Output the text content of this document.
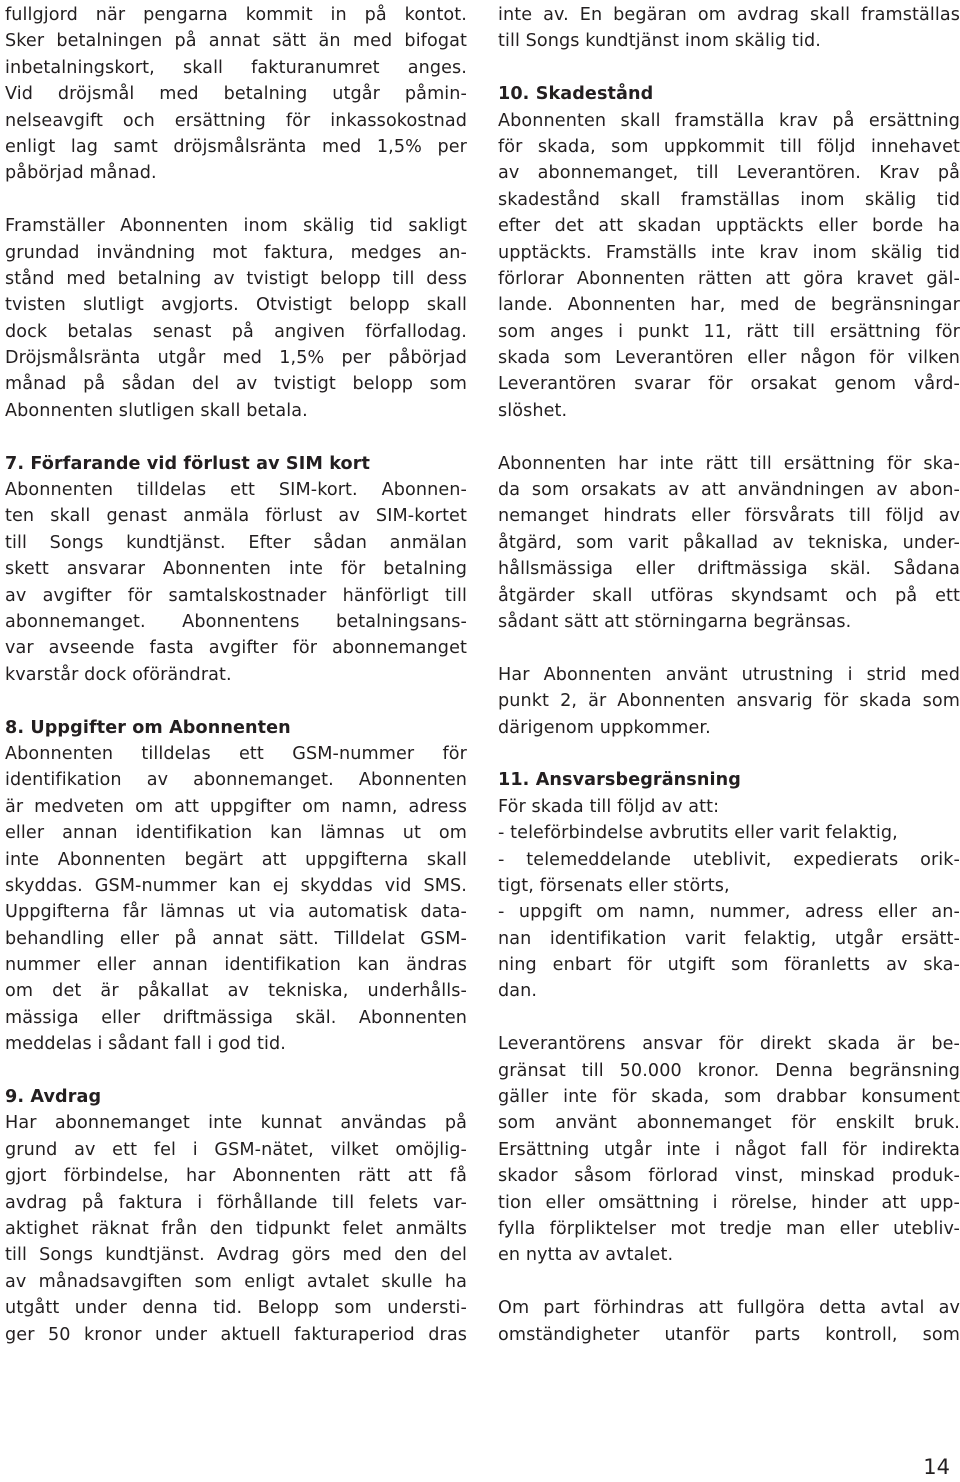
fullgjord när pengarna kommit in på kontot.
Sker betalningen på annat sätt än med bifogat
inbetalningskort, skall fakturanumret anges.
Vid dröjsmål med betalning utgår påmin-
nelseavgift och ersättning för inkassokostnad
enligt lag samt dröjsmålsränta med 1,5% per
påbörjad månad.
Framställer Abonnenten inom skälig tid sakligt
grundad invändning mot faktura, medges an-
stånd med betalning av tvistigt belopp till dess
tvisten slutligt avgjorts. Otvistigt belopp skall
dock betalas senast på angiven förfallodag.
Dröjsmålsränta utgår med 1,5% per påbörjad
månad på sådan del av tvistigt belopp som
Abonnenten slutligen skall betala.
7. Förfarande vid förlust av SIM kort
Abonnenten tilldelas ett SIM-kort. Abonnen-
ten skall genast anmäla förlust av SIM-kortet
till Songs kundtjänst. Efter sådan anmälan
skett ansvarar Abonnenten inte för betalning
av avgifter för samtalskostnader hänförligt till
abonnemanget. Abonnentens betalningsans-
var avseende fasta avgifter för abonnemanget
kvarstår dock oförändrat.
8. Uppgifter om Abonnenten
Abonnenten tilldelas ett GSM-nummer för
identifikation av abonnemanget. Abonnenten
är medveten om att uppgifter om namn, adress
eller annan identifikation kan lämnas ut om
inte Abonnenten begärt att uppgifterna skall
skyddas. GSM-nummer kan ej skyddas vid SMS.
Uppgifterna får lämnas ut via automatisk data-
behandling eller på annat sätt. Tilldelat GSM-
nummer eller annan identifikation kan ändras
om det är påkallat av tekniska, underhålls-
mässiga eller driftmässiga skäl. Abonnenten
meddelas i sådant fall i god tid.
9. Avdrag
Har abonnemanget inte kunnat användas på
grund av ett fel i GSM-nätet, vilket omöjlig-
gjort förbindelse, har Abonnenten rätt att få
avdrag på faktura i förhållande till felets var-
aktighet räknat från den tidpunkt felet anmälts
till Songs kundtjänst. Avdrag görs med den del
av månadsavgiften som enligt avtalet skulle ha
utgått under denna tid. Belopp som understi-
ger 50 kronor under aktuell fakturaperiod dras
inte av. En begäran om avdrag skall framställas
till Songs kundtjänst inom skälig tid.
10. Skadestånd
Abonnenten skall framställa krav på ersättning
för skada, som uppkommit till följd innehavet
av abonnemanget, till Leverantören. Krav på
skadestånd skall framställas inom skälig tid
efter det att skadan upptäckts eller borde ha
upptäckts. Framställs inte krav inom skälig tid
förlorar Abonnenten rätten att göra kravet gäl-
lande. Abonnenten har, med de begränsningar
som anges i punkt 11, rätt till ersättning för
skada som Leverantören eller någon för vilken
Leverantören svarar för orsakat genom vård-
slöshet.
Abonnenten har inte rätt till ersättning för ska-
da som orsakats av att användningen av abon-
nemanget hindrats eller försvårats till följd av
åtgärd, som varit påkallad av tekniska, under-
hållsmässiga eller driftmässiga skäl. Sådana
åtgärder skall utföras skyndsamt och på ett
sådant sätt att störningarna begränsas.
Har Abonnenten använt utrustning i strid med
punkt 2, är Abonnenten ansvarig för skada som
därigenom uppkommer.
11. Ansvarsbegränsning
För skada till följd av att:
- teleförbindelse avbrutits eller varit felaktig,
- telemeddelande uteblivit, expedierats orik-
tigt, försenats eller störts,
- uppgift om namn, nummer, adress eller an-
nan identifikation varit felaktig, utgår ersätt-
ning enbart för utgift som föranletts av ska-
dan.
Leverantörens ansvar för direkt skada är be-
gränsat till 50.000 kronor. Denna begränsning
gäller inte för skada, som drabbar konsument
som använt abonnemanget för enskilt bruk.
Ersättning utgår inte i något fall för indirekta
skador såsom förlorad vinst, minskad produk-
tion eller omsättning i rörelse, hinder att upp-
fylla förpliktelser mot tredje man eller utebliv-
en nytta av avtalet.
Om part förhindras att fullgöra detta avtal av
omständigheter utanför parts kontroll, som
14
